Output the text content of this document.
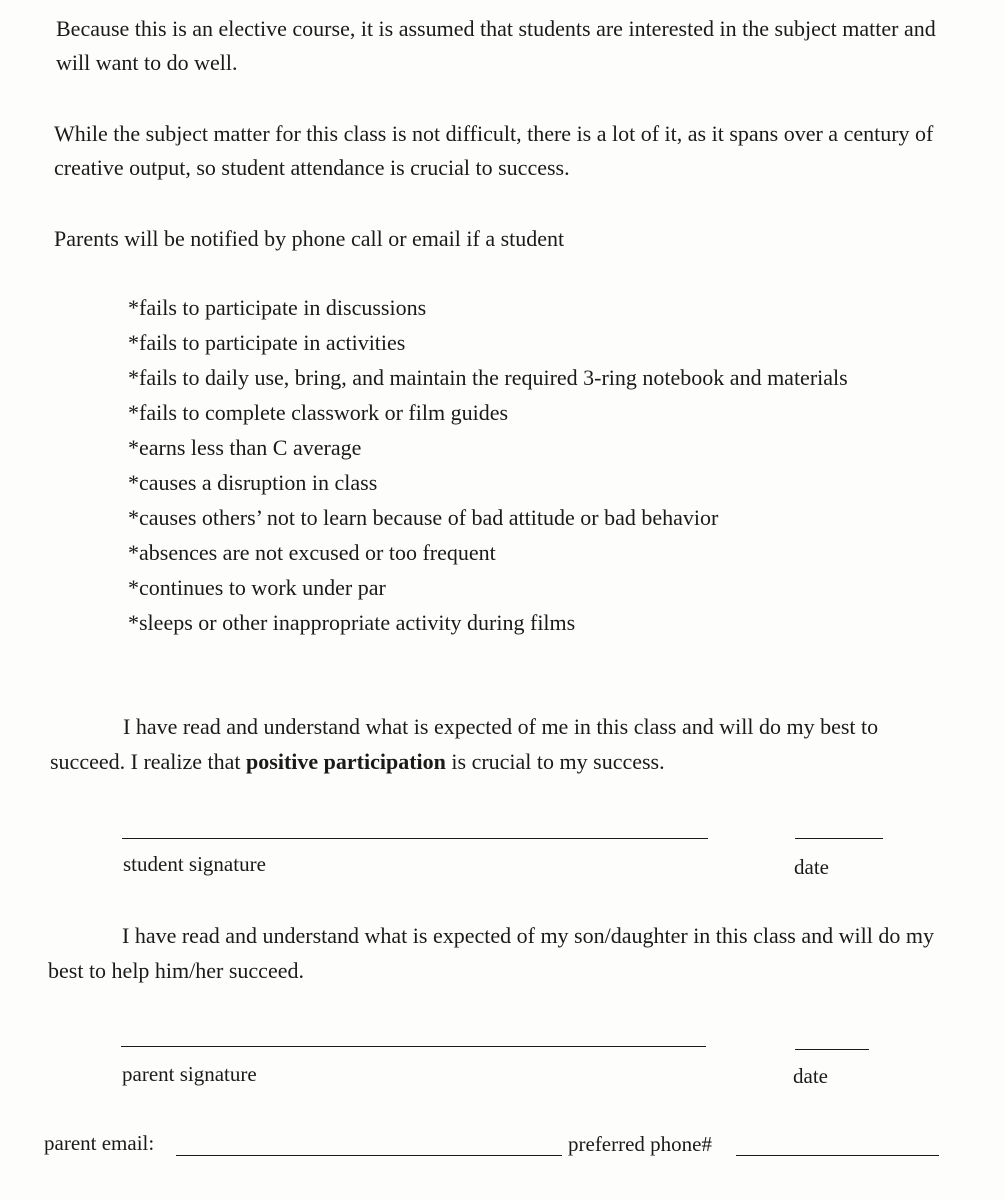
Because this is an elective course, it is assumed that students are interested in the subject matter and will want to do well.

While the subject matter for this class is not difficult, there is a lot of it, as it spans over a century of creative output, so student attendance is crucial to success.

Parents will be notified by phone call or email if a student

*fails to participate in discussions
*fails to participate in activities
*fails to daily use, bring, and maintain the required 3-ring notebook and materials
*fails to complete classwork or film guides
*earns less than C average
*causes a disruption in class
*causes others’ not to learn because of bad attitude or bad behavior
*absences are not excused or too frequent
*continues to work under par
*sleeps or other inappropriate activity during films

I have read and understand what is expected of me in this class and will do my best to succeed. I realize that positive participation is crucial to my success.

student signature	date

I have read and understand what is expected of my son/daughter in this class and will do my best to help him/her succeed.

parent signature	date

parent email:	preferred phone#
